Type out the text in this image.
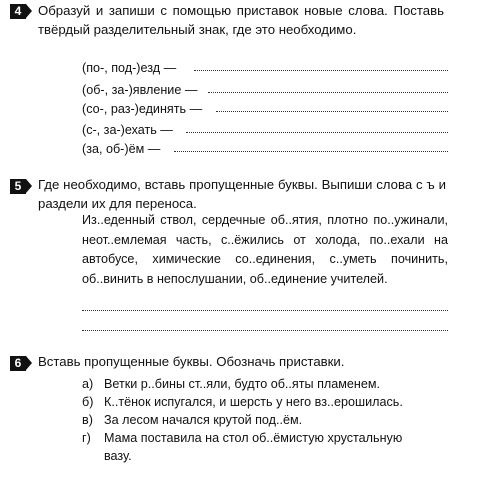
4	Образуй и запиши с помощью приставок новые слова. Поставь твёрдый разделительный знак, где это необходимо.

(по-, под-)езд —
(об-, за-)явление —
(со-, раз-)единять —
(с-, за-)ехать —
(за, об-)ём —
5	Где необходимо, вставь пропущенные буквы. Выпиши слова с ъ и раздели их для переноса.

Из..еденный ствол, сердечные об..ятия, плотно по..ужинали, неот..емлемая часть, с..ёжились от холода, по..ехали на автобусе, химические со..единения, с..уметь починить, об..винить в непослушании, об..единение учителей.

6	Вставь пропущенные буквы. Обозначь приставки.

а) Ветки р..бины ст..яли, будто об..яты пламенем.
б) К..тёнок испугался, и шерсть у него вз..ерошилась.
в) За лесом начался крутой под..ём.
г) Мама поставила на стол об..ёмистую хрустальную
вазу.
